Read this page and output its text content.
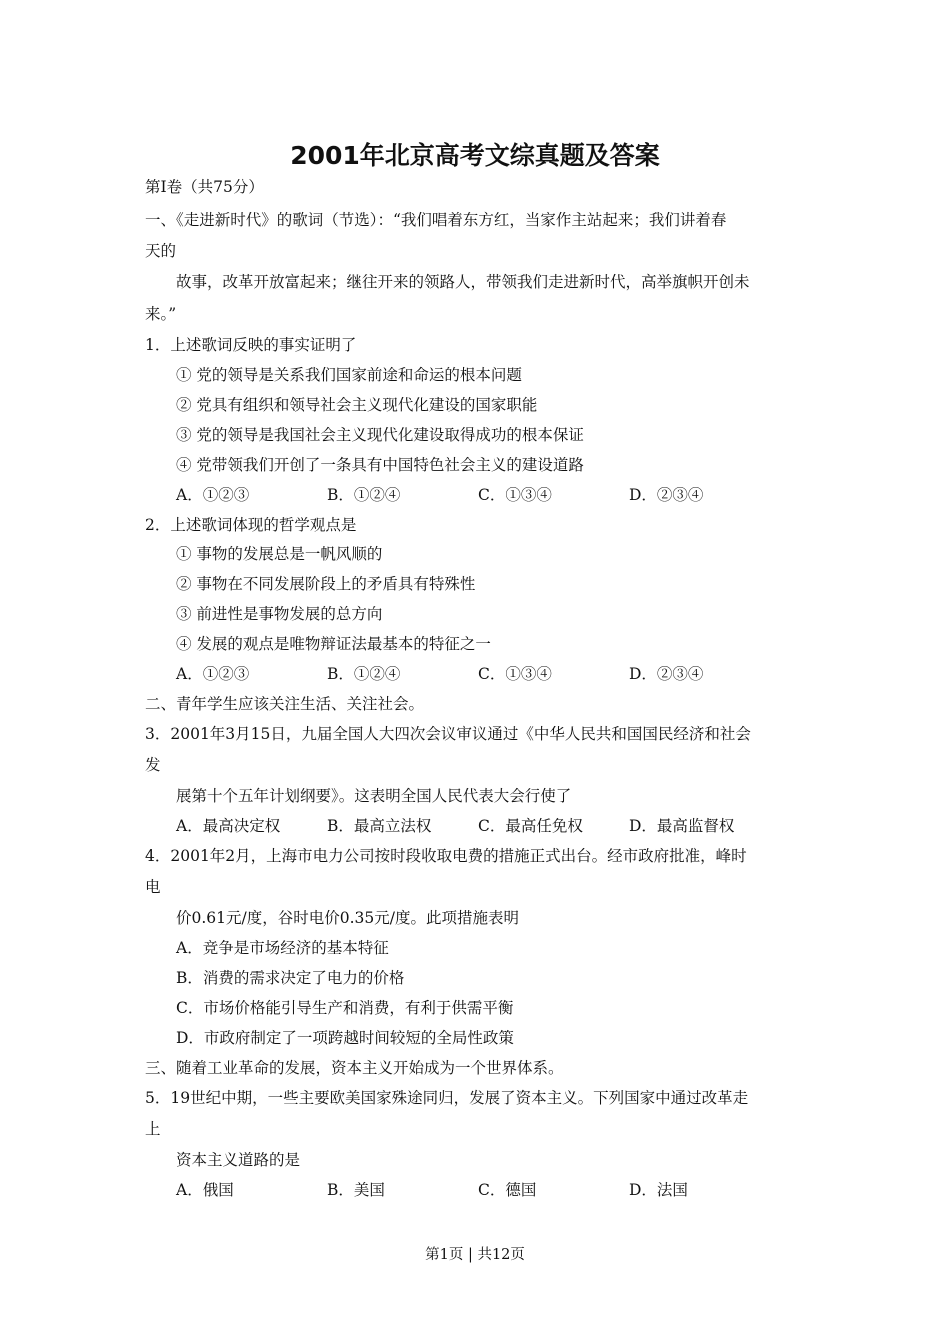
2001年北京高考文综真题及答案
第Ⅰ卷（共75分）
一、《走进新时代》的歌词（节选）：“我们唱着东方红，当家作主站起来；我们讲着春
天的
故事，改革开放富起来；继往开来的领路人，带领我们走进新时代，高举旗帜开创未
来。”
1．上述歌词反映的事实证明了
① 党的领导是关系我们国家前途和命运的根本问题
② 党具有组织和领导社会主义现代化建设的国家职能
③ 党的领导是我国社会主义现代化建设取得成功的根本保证
④ 党带领我们开创了一条具有中国特色社会主义的建设道路
A．①②③	B．①②④	C．①③④	D．②③④
2．上述歌词体现的哲学观点是
① 事物的发展总是一帆风顺的
② 事物在不同发展阶段上的矛盾具有特殊性
③ 前进性是事物发展的总方向
④ 发展的观点是唯物辩证法最基本的特征之一
A．①②③	B．①②④	C．①③④	D．②③④
二、青年学生应该关注生活、关注社会。
3．2001年3月15日，九届全国人大四次会议审议通过《中华人民共和国国民经济和社会
发
展第十个五年计划纲要》。这表明全国人民代表大会行使了
A．最高决定权	B．最高立法权	C．最高任免权	D．最高监督权
4．2001年2月，上海市电力公司按时段收取电费的措施正式出台。经市政府批准，峰时
电
价0.61元/度，谷时电价0.35元/度。此项措施表明
A．竞争是市场经济的基本特征
B．消费的需求决定了电力的价格
C．市场价格能引导生产和消费，有利于供需平衡
D．市政府制定了一项跨越时间较短的全局性政策
三、随着工业革命的发展，资本主义开始成为一个世界体系。
5．19世纪中期，一些主要欧美国家殊途同归，发展了资本主义。下列国家中通过改革走
上
资本主义道路的是
A．俄国	B．美国	C．德国	D．法国
第1页 | 共12页
